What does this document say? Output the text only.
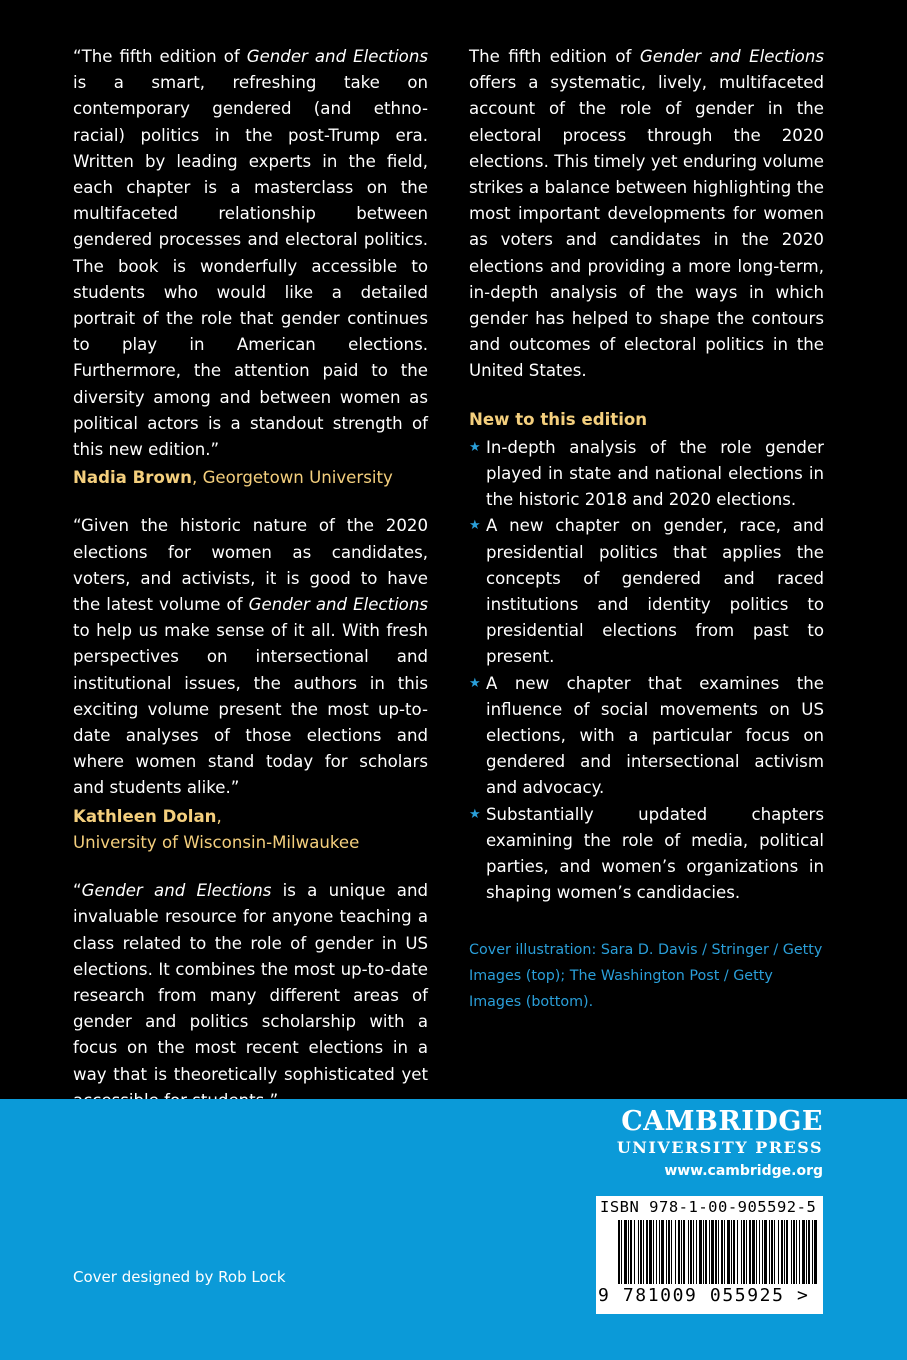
“The fifth edition of Gender and Elections is a smart, refreshing take on contemporary gendered (and ethno-racial) politics in the post-Trump era. Written by leading experts in the field, each chapter is a masterclass on the multifaceted relationship between gendered processes and electoral politics. The book is wonderfully accessible to students who would like a detailed portrait of the role that gender continues to play in American elections. Furthermore, the attention paid to the diversity among and between women as political actors is a standout strength of this new edition.”

Nadia Brown, Georgetown University

“Given the historic nature of the 2020 elections for women as candidates, voters, and activists, it is good to have the latest volume of Gender and Elections to help us make sense of it all. With fresh perspectives on intersectional and institutional issues, the authors in this exciting volume present the most up-to-date analyses of those elections and where women stand today for scholars and students alike.”

Kathleen Dolan,
University of Wisconsin-Milwaukee

“Gender and Elections is a unique and invaluable resource for anyone teaching a class related to the role of gender in US elections. It combines the most up-to-date research from many different areas of gender and politics scholarship with a focus on the most recent elections in a way that is theoretically sophisticated yet

The fifth edition of Gender and Elections offers a systematic, lively, multifaceted account of the role of gender in the electoral process through the 2020 elections. This timely yet enduring volume strikes a balance between highlighting the most important developments for women as voters and candidates in the 2020 elections and providing a more long-term, in-depth analysis of the ways in which gender has helped to shape the contours and outcomes of electoral politics in the United States.

New to this edition
★ In-depth analysis of the role gender played in state and national elections in the historic 2018 and 2020 elections.
★ A new chapter on gender, race, and presidential politics that applies the concepts of gendered and raced institutions and identity politics to presidential elections from past to present.
★ A new chapter that examines the influence of social movements on US elections, with a particular focus on gendered and intersectional activism and advocacy.
★ Substantially updated chapters examining the role of media, political parties, and women’s organizations in shaping women’s candidacies.
Cover illustration: Sara D. Davis / Stringer / Getty Images (top); The Washington Post / Getty Images (bottom).
CAMBRIDGE
UNIVERSITY PRESS
www.cambridge.org
Cover designed by Rob Lock
ISBN 978-1-00-905592-5
9 781009 055925 >
